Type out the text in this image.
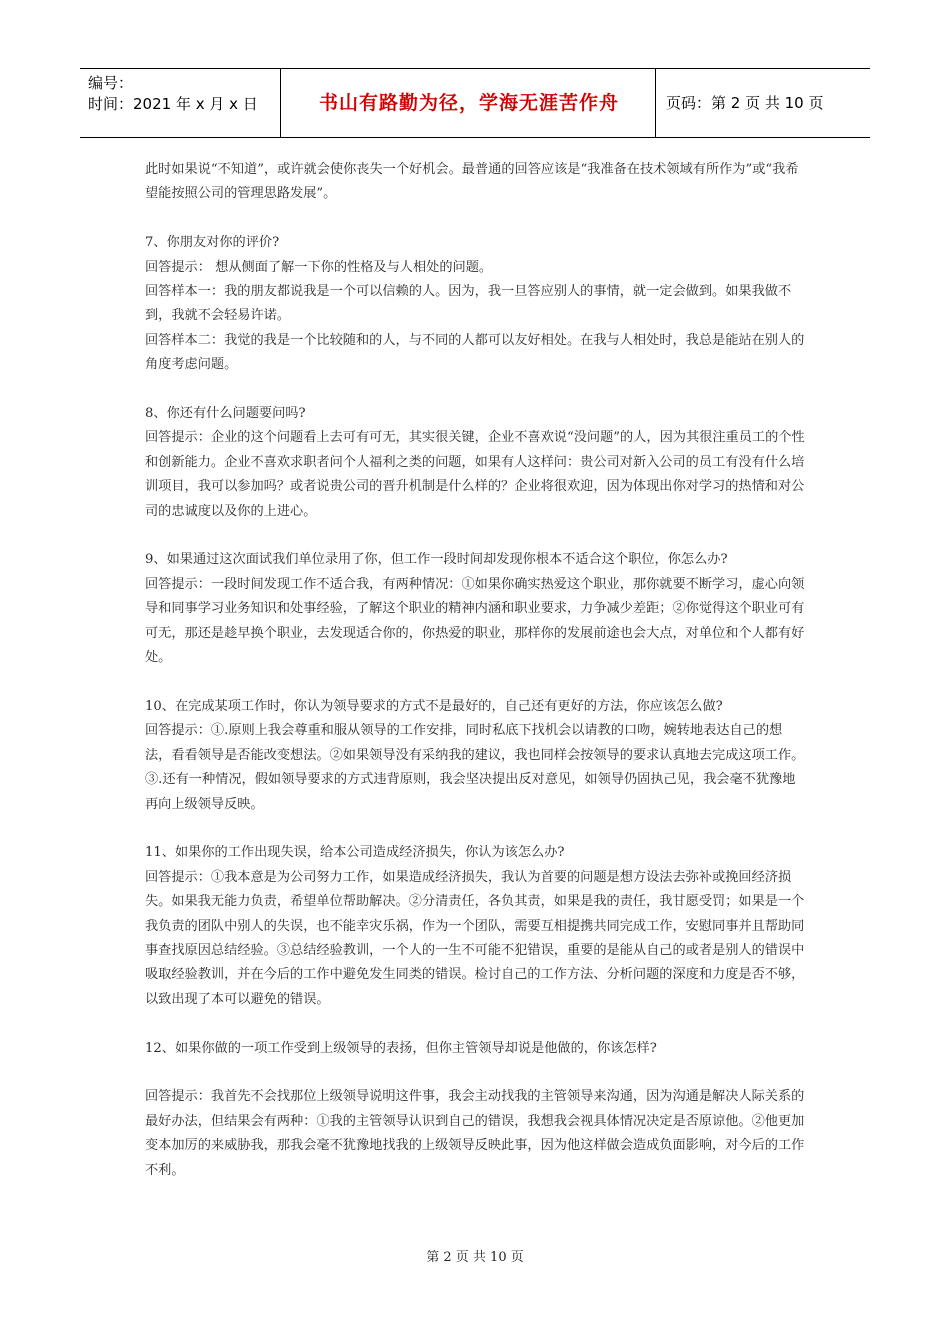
编号：
时间：2021 年 x 月 x 日	书山有路勤为径，学海无涯苦作舟	页码：第 2 页 共 10 页

此时如果说“不知道”，或许就会使你丧失一个好机会。最普通的回答应该是“我准备在技术领域有所作为”或“我希望能按照公司的管理思路发展”。

7、你朋友对你的评价?

回答提示： 想从侧面了解一下你的性格及与人相处的问题。

回答样本一：我的朋友都说我是一个可以信赖的人。因为，我一旦答应别人的事情，就一定会做到。如果我做不到，我就不会轻易许诺。

回答样本二：我觉的我是一个比较随和的人，与不同的人都可以友好相处。在我与人相处时，我总是能站在别人的角度考虑问题。

8、你还有什么问题要问吗?

回答提示：企业的这个问题看上去可有可无，其实很关键，企业不喜欢说“没问题”的人，因为其很注重员工的个性和创新能力。企业不喜欢求职者问个人福利之类的问题，如果有人这样问：贵公司对新入公司的员工有没有什么培训项目，我可以参加吗？或者说贵公司的晋升机制是什么样的？企业将很欢迎，因为体现出你对学习的热情和对公司的忠诚度以及你的上进心。

9、如果通过这次面试我们单位录用了你，但工作一段时间却发现你根本不适合这个职位，你怎么办?

回答提示：一段时间发现工作不适合我，有两种情况：①如果你确实热爱这个职业，那你就要不断学习，虚心向领导和同事学习业务知识和处事经验，了解这个职业的精神内涵和职业要求，力争减少差距；②你觉得这个职业可有可无，那还是趁早换个职业，去发现适合你的，你热爱的职业，那样你的发展前途也会大点，对单位和个人都有好处。

10、在完成某项工作时，你认为领导要求的方式不是最好的，自己还有更好的方法，你应该怎么做?

回答提示：①.原则上我会尊重和服从领导的工作安排，同时私底下找机会以请教的口吻，婉转地表达自己的想法，看看领导是否能改变想法。②如果领导没有采纳我的建议，我也同样会按领导的要求认真地去完成这项工作。③.还有一种情况，假如领导要求的方式违背原则，我会坚决提出反对意见，如领导仍固执己见，我会毫不犹豫地再向上级领导反映。

11、如果你的工作出现失误，给本公司造成经济损失，你认为该怎么办?

回答提示：①我本意是为公司努力工作，如果造成经济损失，我认为首要的问题是想方设法去弥补或挽回经济损失。如果我无能力负责，希望单位帮助解决。②分清责任，各负其责，如果是我的责任，我甘愿受罚；如果是一个我负责的团队中别人的失误，也不能幸灾乐祸，作为一个团队，需要互相提携共同完成工作，安慰同事并且帮助同事查找原因总结经验。③总结经验教训，一个人的一生不可能不犯错误，重要的是能从自己的或者是别人的错误中吸取经验教训，并在今后的工作中避免发生同类的错误。检讨自己的工作方法、分析问题的深度和力度是否不够，以致出现了本可以避免的错误。

12、如果你做的一项工作受到上级领导的表扬，但你主管领导却说是他做的，你该怎样?

回答提示：我首先不会找那位上级领导说明这件事，我会主动找我的主管领导来沟通，因为沟通是解决人际关系的最好办法，但结果会有两种：①我的主管领导认识到自己的错误，我想我会视具体情况决定是否原谅他。②他更加变本加厉的来威胁我，那我会毫不犹豫地找我的上级领导反映此事，因为他这样做会造成负面影响，对今后的工作不利。

第 2 页 共 10 页
